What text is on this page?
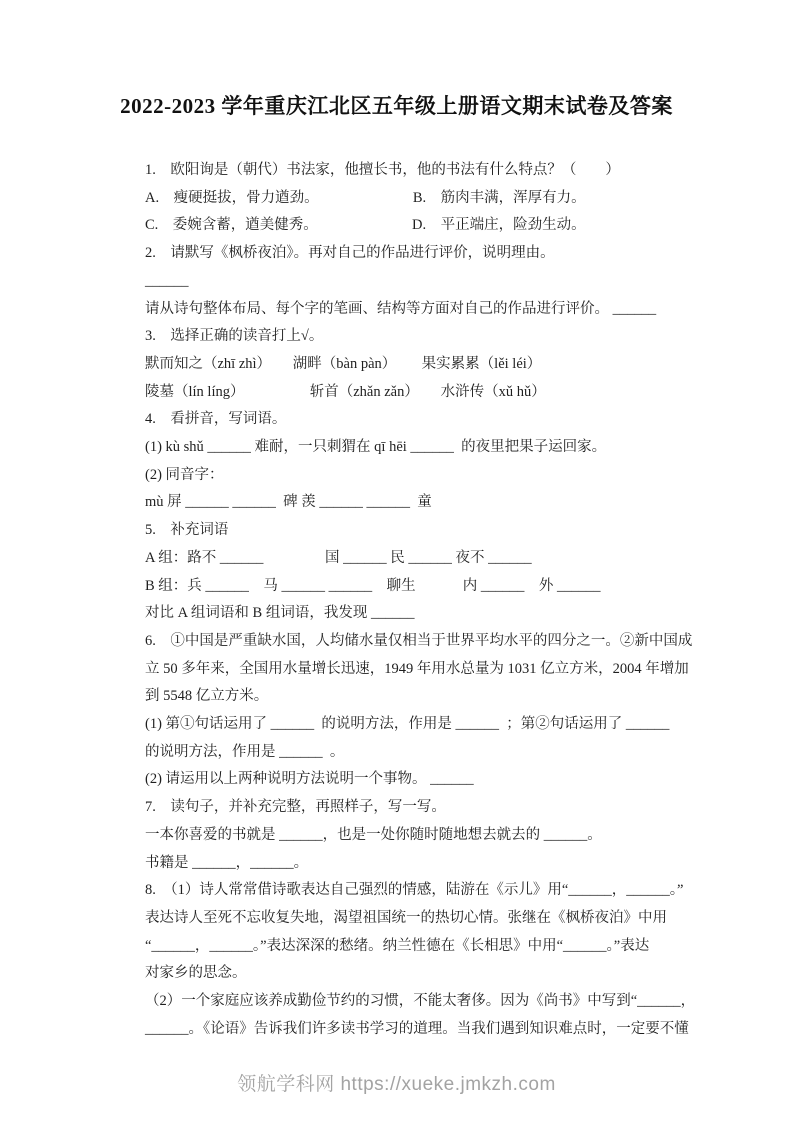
2022-2023 学年重庆江北区五年级上册语文期末试卷及答案

1.　欧阳询是（朝代）书法家，他擅长书，他的书法有什么特点？（　　）

A.　瘦硬挺拔，骨力遒劲。　　　　　　　B.　筋肉丰满，浑厚有力。

C.　委婉含蓄，遒美健秀。　　　　　　　D.　平正端庄，险劲生动。

2.　请默写《枫桥夜泊》。再对自己的作品进行评价，说明理由。

______

请从诗句整体布局、每个字的笔画、结构等方面对自己的作品进行评价。 ______

3.　选择正确的读音打上√。

默而知之（zhī zhì）　　湖畔（bàn pàn）　　 果实累累（lěi léi）

陵墓（lín líng）　　　　　斩首（zhǎn zǎn）　　水浒传（xǔ hǔ）

4.　看拼音，写词语。

(1) kù shǔ ______ 难耐，一只刺猬在 qī hēi ______  的夜里把果子运回家。

(2) 同音字：

mù 屏 ______ ______  碑 羡 ______ ______  童

5.　补充词语

A 组：路不 ______　　　　 国 ______ 民 ______ 夜不 ______

B 组：兵 ______　马 ______ ______　聊生　　　 内 ______　外 ______

对比 A 组词语和 B 组词语，我发现 ______

6.　①中国是严重缺水国，人均储水量仅相当于世界平均水平的四分之一。②新中国成

立 50 多年来，全国用水量增长迅速，1949 年用水总量为 1031 亿立方米，2004 年增加

到 5548 亿立方米。

(1) 第①句话运用了 ______  的说明方法，作用是 ______  ；第②句话运用了 ______

的说明方法，作用是 ______  。

(2) 请运用以上两种说明方法说明一个事物。 ______

7.　读句子，并补充完整，再照样子，写一写。

一本你喜爱的书就是 ______，也是一处你随时随地想去就去的 ______。

书籍是 ______，______。

8.　（1）诗人常常借诗歌表达自己强烈的情感，陆游在《示儿》用“______，______。”

表达诗人至死不忘收复失地，渴望祖国统一的热切心情。张继在《枫桥夜泊》中用

“______，______。”表达深深的愁绪。纳兰性德在《长相思》中用“______。”表达

对家乡的思念。

（2）一个家庭应该养成勤俭节约的习惯，不能太奢侈。因为《尚书》中写到“______，

______。《论语》告诉我们许多读书学习的道理。当我们遇到知识难点时，一定要不懂

领航学科网 https://xueke.jmkzh.com
